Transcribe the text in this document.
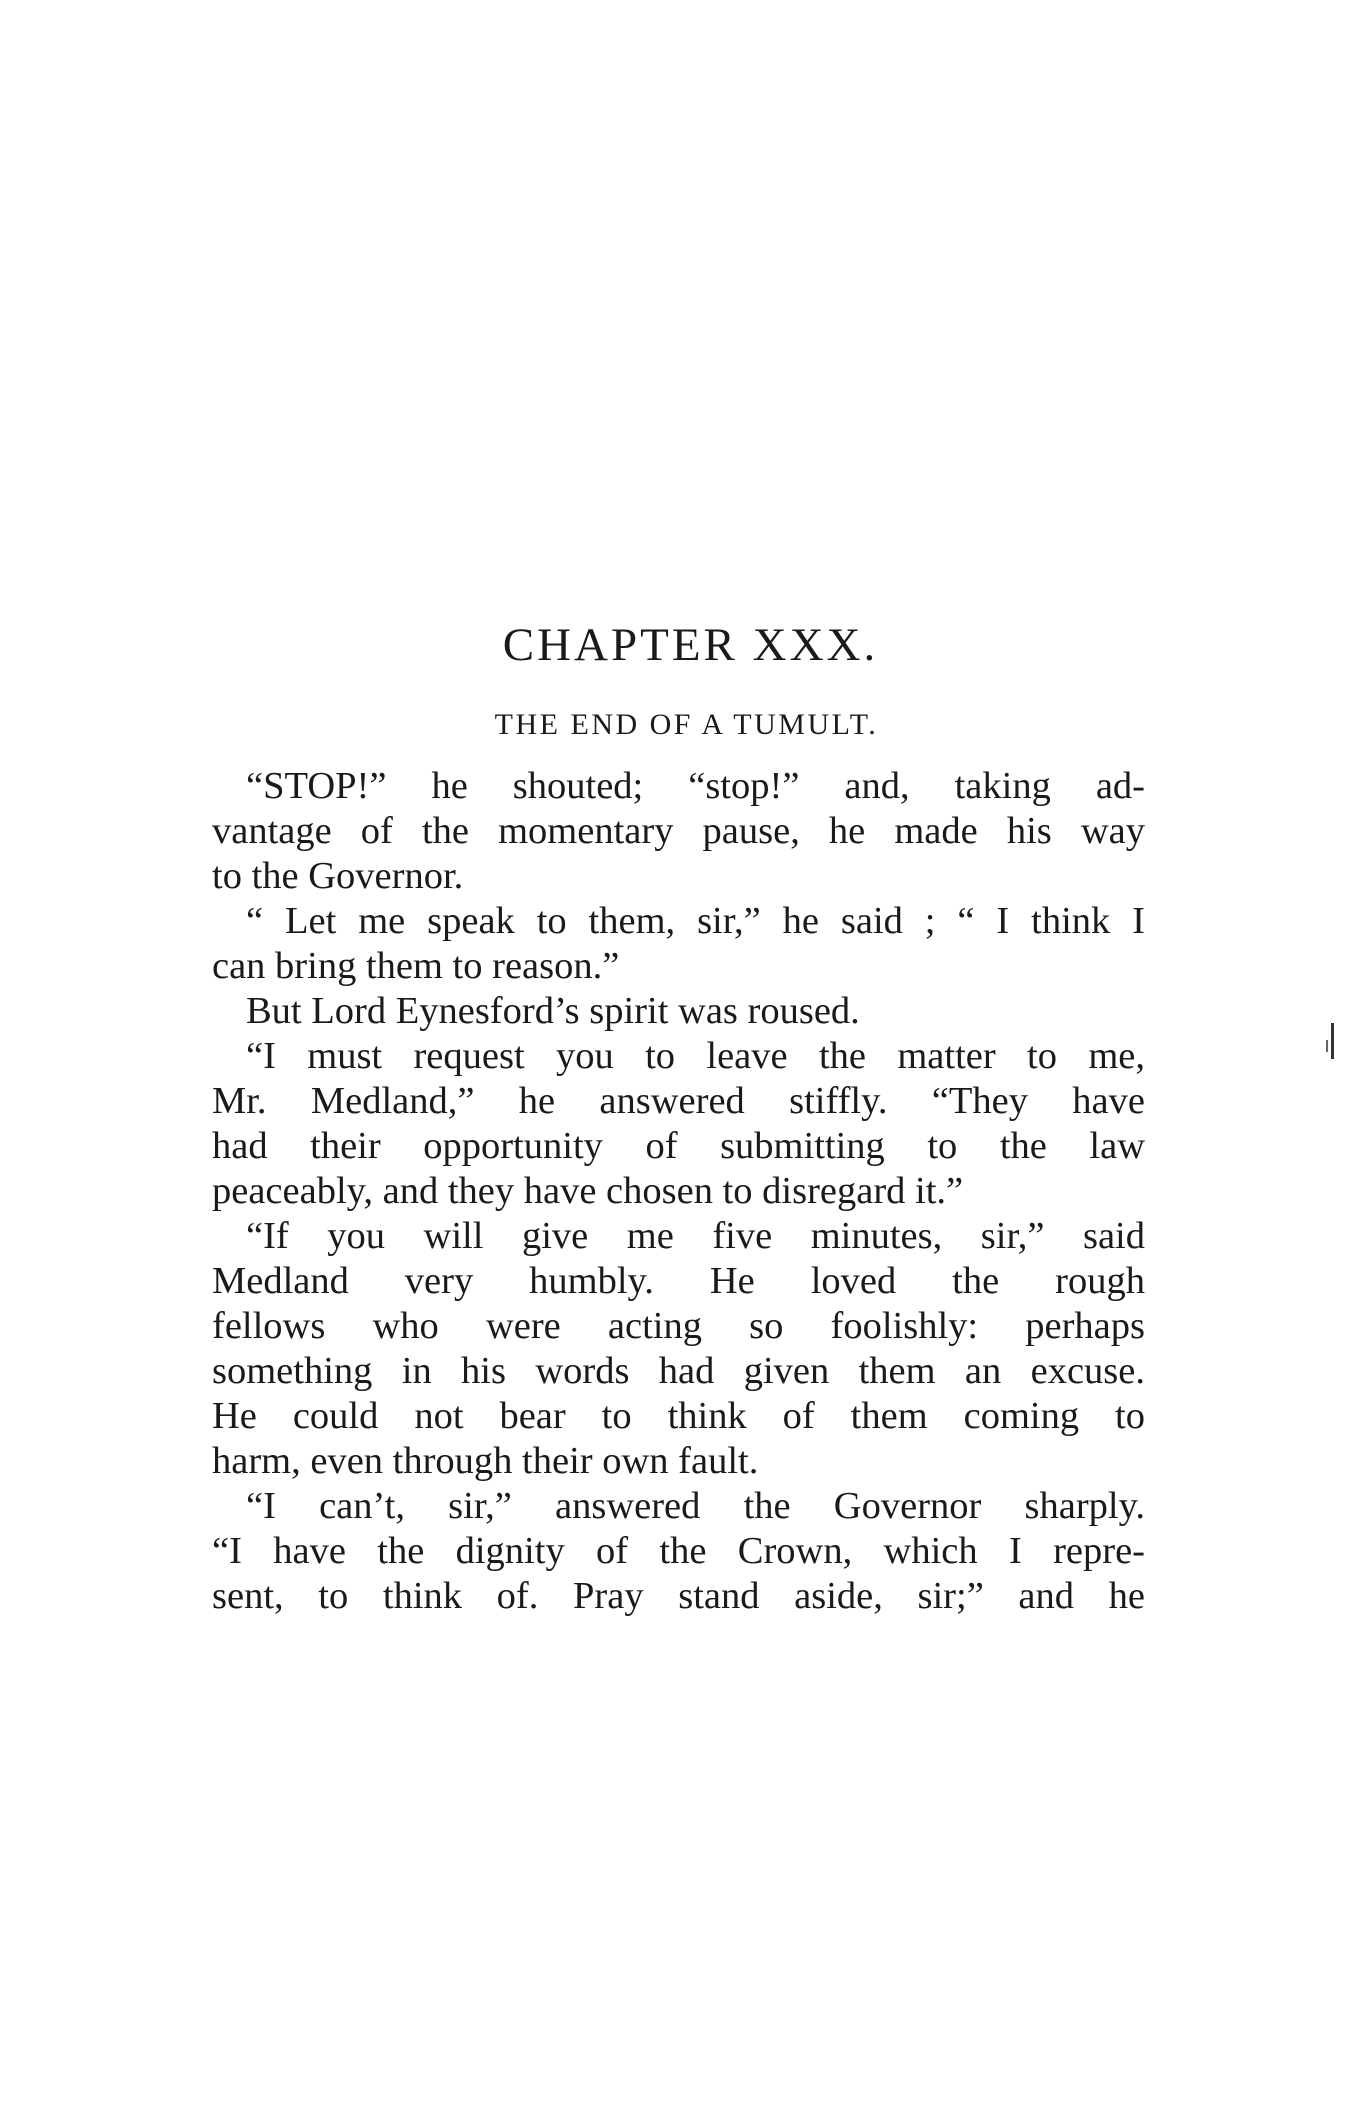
CHAPTER XXX.
THE END OF A TUMULT.
“STOP!” he shouted; “stop!” and, taking ad-
vantage of the momentary pause, he made his way
to the Governor.
“ Let me speak to them, sir,” he said ; “ I think I
can bring them to reason.”
But Lord Eynesford’s spirit was roused.
“I must request you to leave the matter to me,
Mr. Medland,” he answered stiffly. “They have
had their opportunity of submitting to the law
peaceably, and they have chosen to disregard it.”
“If you will give me five minutes, sir,” said
Medland very humbly. He loved the rough
fellows who were acting so foolishly: perhaps
something in his words had given them an excuse.
He could not bear to think of them coming to
harm, even through their own fault.
“I can’t, sir,” answered the Governor sharply.
“I have the dignity of the Crown, which I repre-
sent, to think of. Pray stand aside, sir;” and he
